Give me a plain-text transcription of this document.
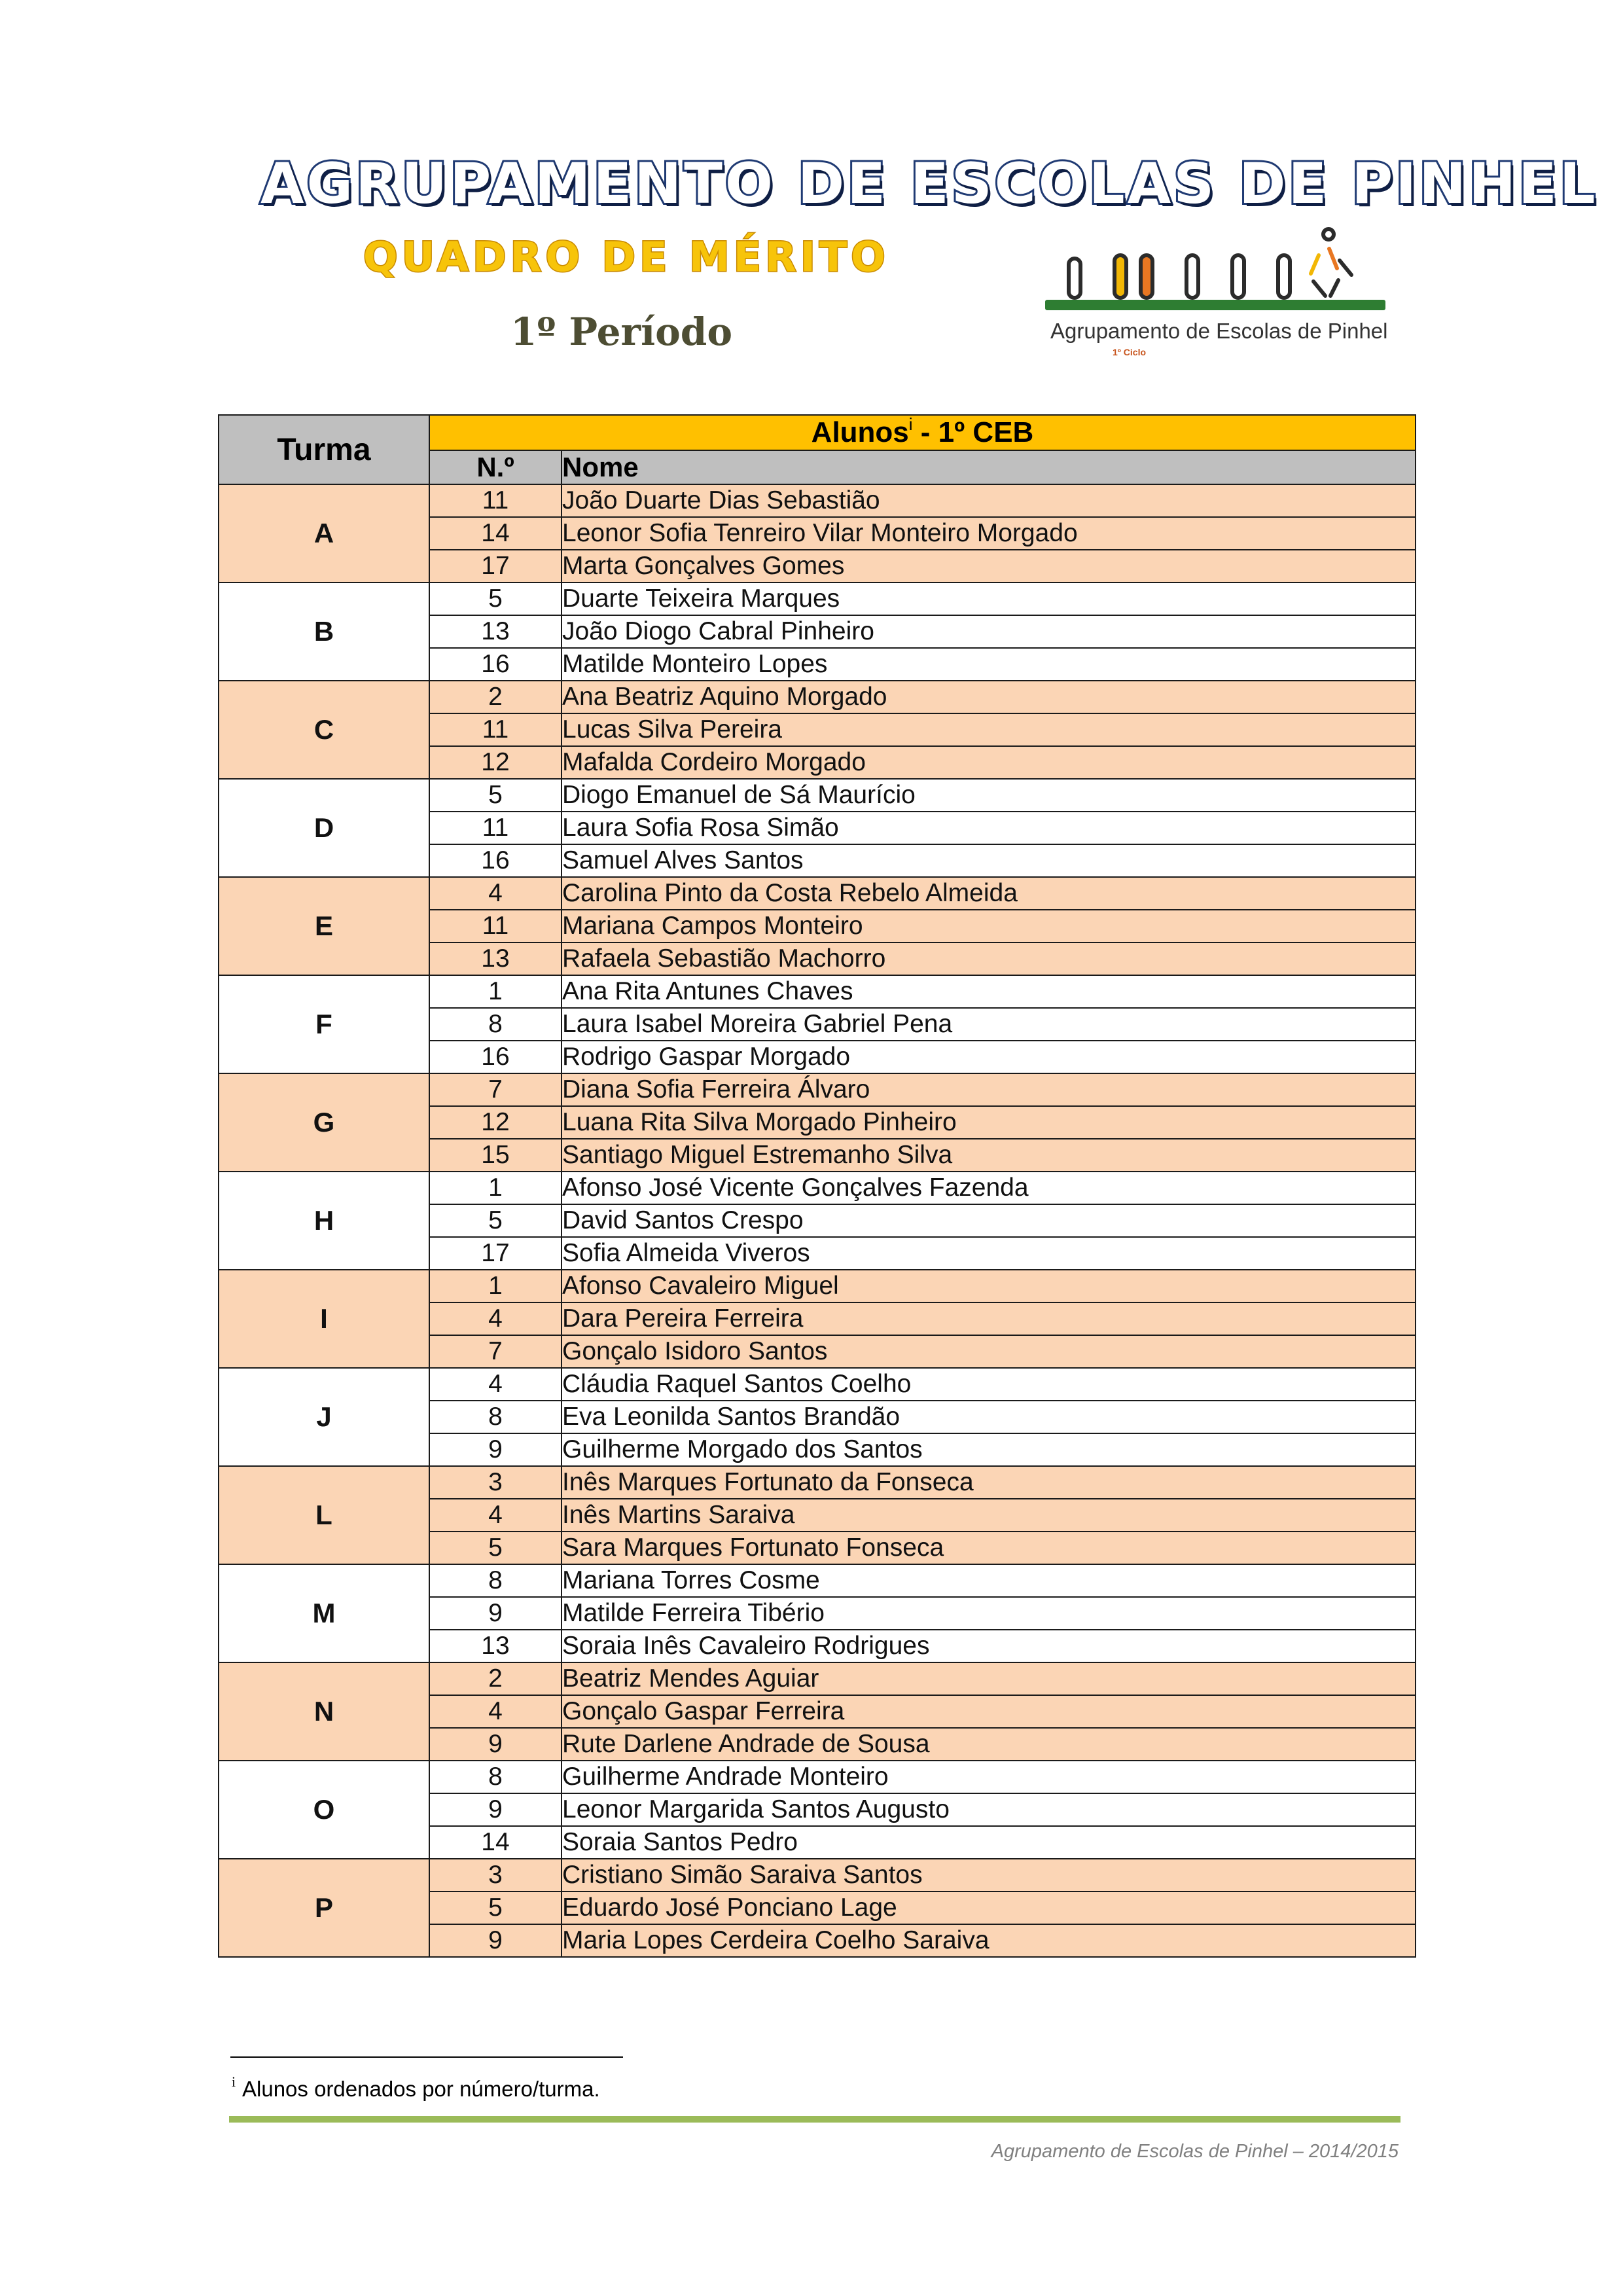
AGRUPAMENTO DE ESCOLAS DE PINHEL
QUADRO DE MÉRITO
1º Período	Agrupamento de Escolas de Pinhel
1º Ciclo
Turma	Alunos$^i$ - 1º CEB	
	N.º	Nome
A	11	João Duarte Dias Sebastião
	14	Leonor Sofia Tenreiro Vilar Monteiro Morgado
	17	Marta Gonçalves Gomes
B	5	Duarte Teixeira Marques
	13	João Diogo Cabral Pinheiro
	16	Matilde Monteiro Lopes
C	2	Ana Beatriz Aquino Morgado
	11	Lucas Silva Pereira
	12	Mafalda Cordeiro Morgado
D	5	Diogo Emanuel de Sá Maurício
	11	Laura Sofia Rosa Simão
	16	Samuel Alves Santos
E	4	Carolina Pinto da Costa Rebelo Almeida
	11	Mariana Campos Monteiro
	13	Rafaela Sebastião Machorro
F	1	Ana Rita Antunes Chaves
	8	Laura Isabel Moreira Gabriel Pena
	16	Rodrigo Gaspar Morgado
G	7	Diana Sofia Ferreira Álvaro
	12	Luana Rita Silva Morgado Pinheiro
	15	Santiago Miguel Estremanho Silva
H	1	Afonso José Vicente Gonçalves Fazenda
	5	David Santos Crespo
	17	Sofia Almeida Viveros
I	1	Afonso Cavaleiro Miguel
	4	Dara Pereira Ferreira
	7	Gonçalo Isidoro Santos
J	4	Cláudia Raquel Santos Coelho
	8	Eva Leonilda Santos Brandão
	9	Guilherme Morgado dos Santos
L	3	Inês Marques Fortunato da Fonseca
	4	Inês Martins Saraiva
	5	Sara Marques Fortunato Fonseca
M	8	Mariana Torres Cosme
	9	Matilde Ferreira Tibério
	13	Soraia Inês Cavaleiro Rodrigues
N	2	Beatriz Mendes Aguiar
	4	Gonçalo Gaspar Ferreira
	9	Rute Darlene Andrade de Sousa
O	8	Guilherme Andrade Monteiro
	9	Leonor Margarida Santos Augusto
	14	Soraia Santos Pedro
P	3	Cristiano Simão Saraiva Santos
	5	Eduardo José Ponciano Lage
	9	Maria Lopes Cerdeira Coelho Saraiva
i Alunos ordenados por número/turma.
Agrupamento de Escolas de Pinhel – 2014/2015
